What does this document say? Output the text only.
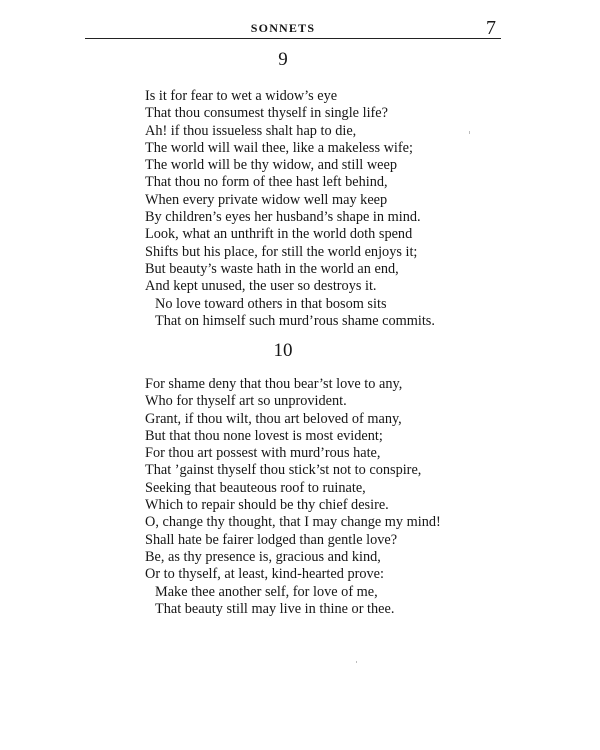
SONNETS	7
9
Is it for fear to wet a widow’s eye
That thou consumest thyself in single life?
Ah! if thou issueless shalt hap to die,
The world will wail thee, like a makeless wife;
The world will be thy widow, and still weep
That thou no form of thee hast left behind,
When every private widow well may keep
By children’s eyes her husband’s shape in mind.
Look, what an unthrift in the world doth spend
Shifts but his place, for still the world enjoys it;
But beauty’s waste hath in the world an end,
And kept unused, the user so destroys it.
No love toward others in that bosom sits
That on himself such murd’rous shame commits.
10
For shame deny that thou bear’st love to any,
Who for thyself art so unprovident.
Grant, if thou wilt, thou art beloved of many,
But that thou none lovest is most evident;
For thou art possest with murd’rous hate,
That ’gainst thyself thou stick’st not to conspire,
Seeking that beauteous roof to ruinate,
Which to repair should be thy chief desire.
O, change thy thought, that I may change my mind!
Shall hate be fairer lodged than gentle love?
Be, as thy presence is, gracious and kind,
Or to thyself, at least, kind-hearted prove:
Make thee another self, for love of me,
That beauty still may live in thine or thee.
